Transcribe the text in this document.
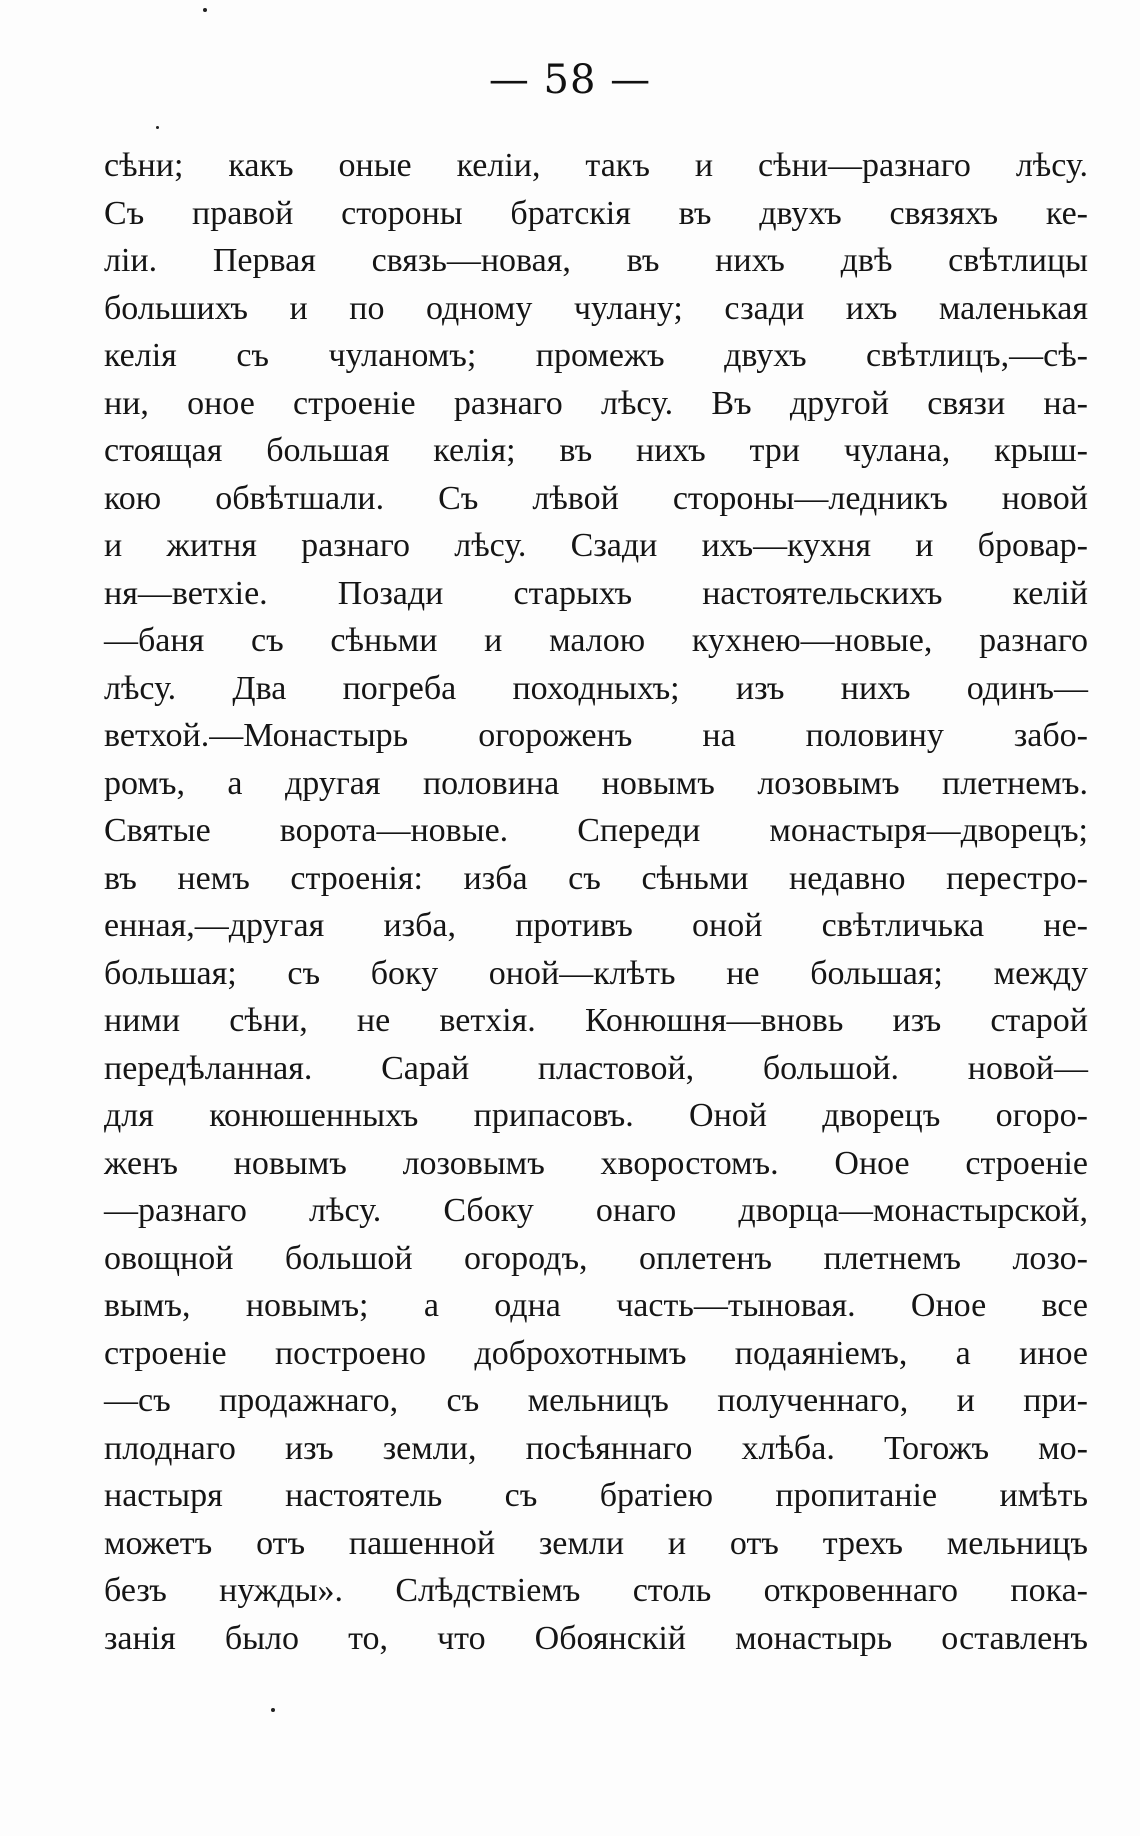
— 58 —
сѣни; какъ оные келіи, такъ и сѣни—разнаго лѣсу.
Съ правой стороны братскія въ двухъ связяхъ ке-
ліи. Первая связь—новая, въ нихъ двѣ свѣтлицы
большихъ и по одному чулану; сзади ихъ маленькая
келія съ чуланомъ; промежъ двухъ свѣтлицъ,—сѣ-
ни, оное строеніе разнаго лѣсу. Въ другой связи на-
стоящая большая келія; въ нихъ три чулана, крыш-
кою обвѣтшали. Съ лѣвой стороны—ледникъ новой
и житня разнаго лѣсу. Сзади ихъ—кухня и бровар-
ня—ветхіе. Позади старыхъ настоятельскихъ келій
—баня съ сѣньми и малою кухнею—новые, разнаго
лѣсу. Два погреба походныхъ; изъ нихъ одинъ—
ветхой.—Монастырь огороженъ на половину забо-
ромъ, а другая половина новымъ лозовымъ плетнемъ.
Святые ворота—новые. Спереди монастыря—дворецъ;
въ немъ строенія: изба съ сѣньми недавно перестро-
енная,—другая изба, противъ оной свѣтличька не-
большая; съ боку оной—клѣть не большая; между
ними сѣни, не ветхія. Конюшня—вновь изъ старой
передѣланная. Сарай пластовой, большой. новой—
для конюшенныхъ припасовъ. Оной дворецъ огоро-
женъ новымъ лозовымъ хворостомъ. Оное строеніе
—разнаго лѣсу. Сбоку онаго дворца—монастырской,
овощной большой огородъ, оплетенъ плетнемъ лозо-
вымъ, новымъ; а одна часть—тыновая. Оное все
строеніе построено доброхотнымъ подаяніемъ, а иное
—съ продажнаго, съ мельницъ полученнаго, и при-
плоднаго изъ земли, посѣяннаго хлѣба. Тогожъ мо-
настыря настоятель съ братіею пропитаніе имѣть
можетъ отъ пашенной земли и отъ трехъ мельницъ
безъ нужды». Слѣдствіемъ столь откровеннаго пока-
занія было то, что Обоянскій монастырь оставленъ
